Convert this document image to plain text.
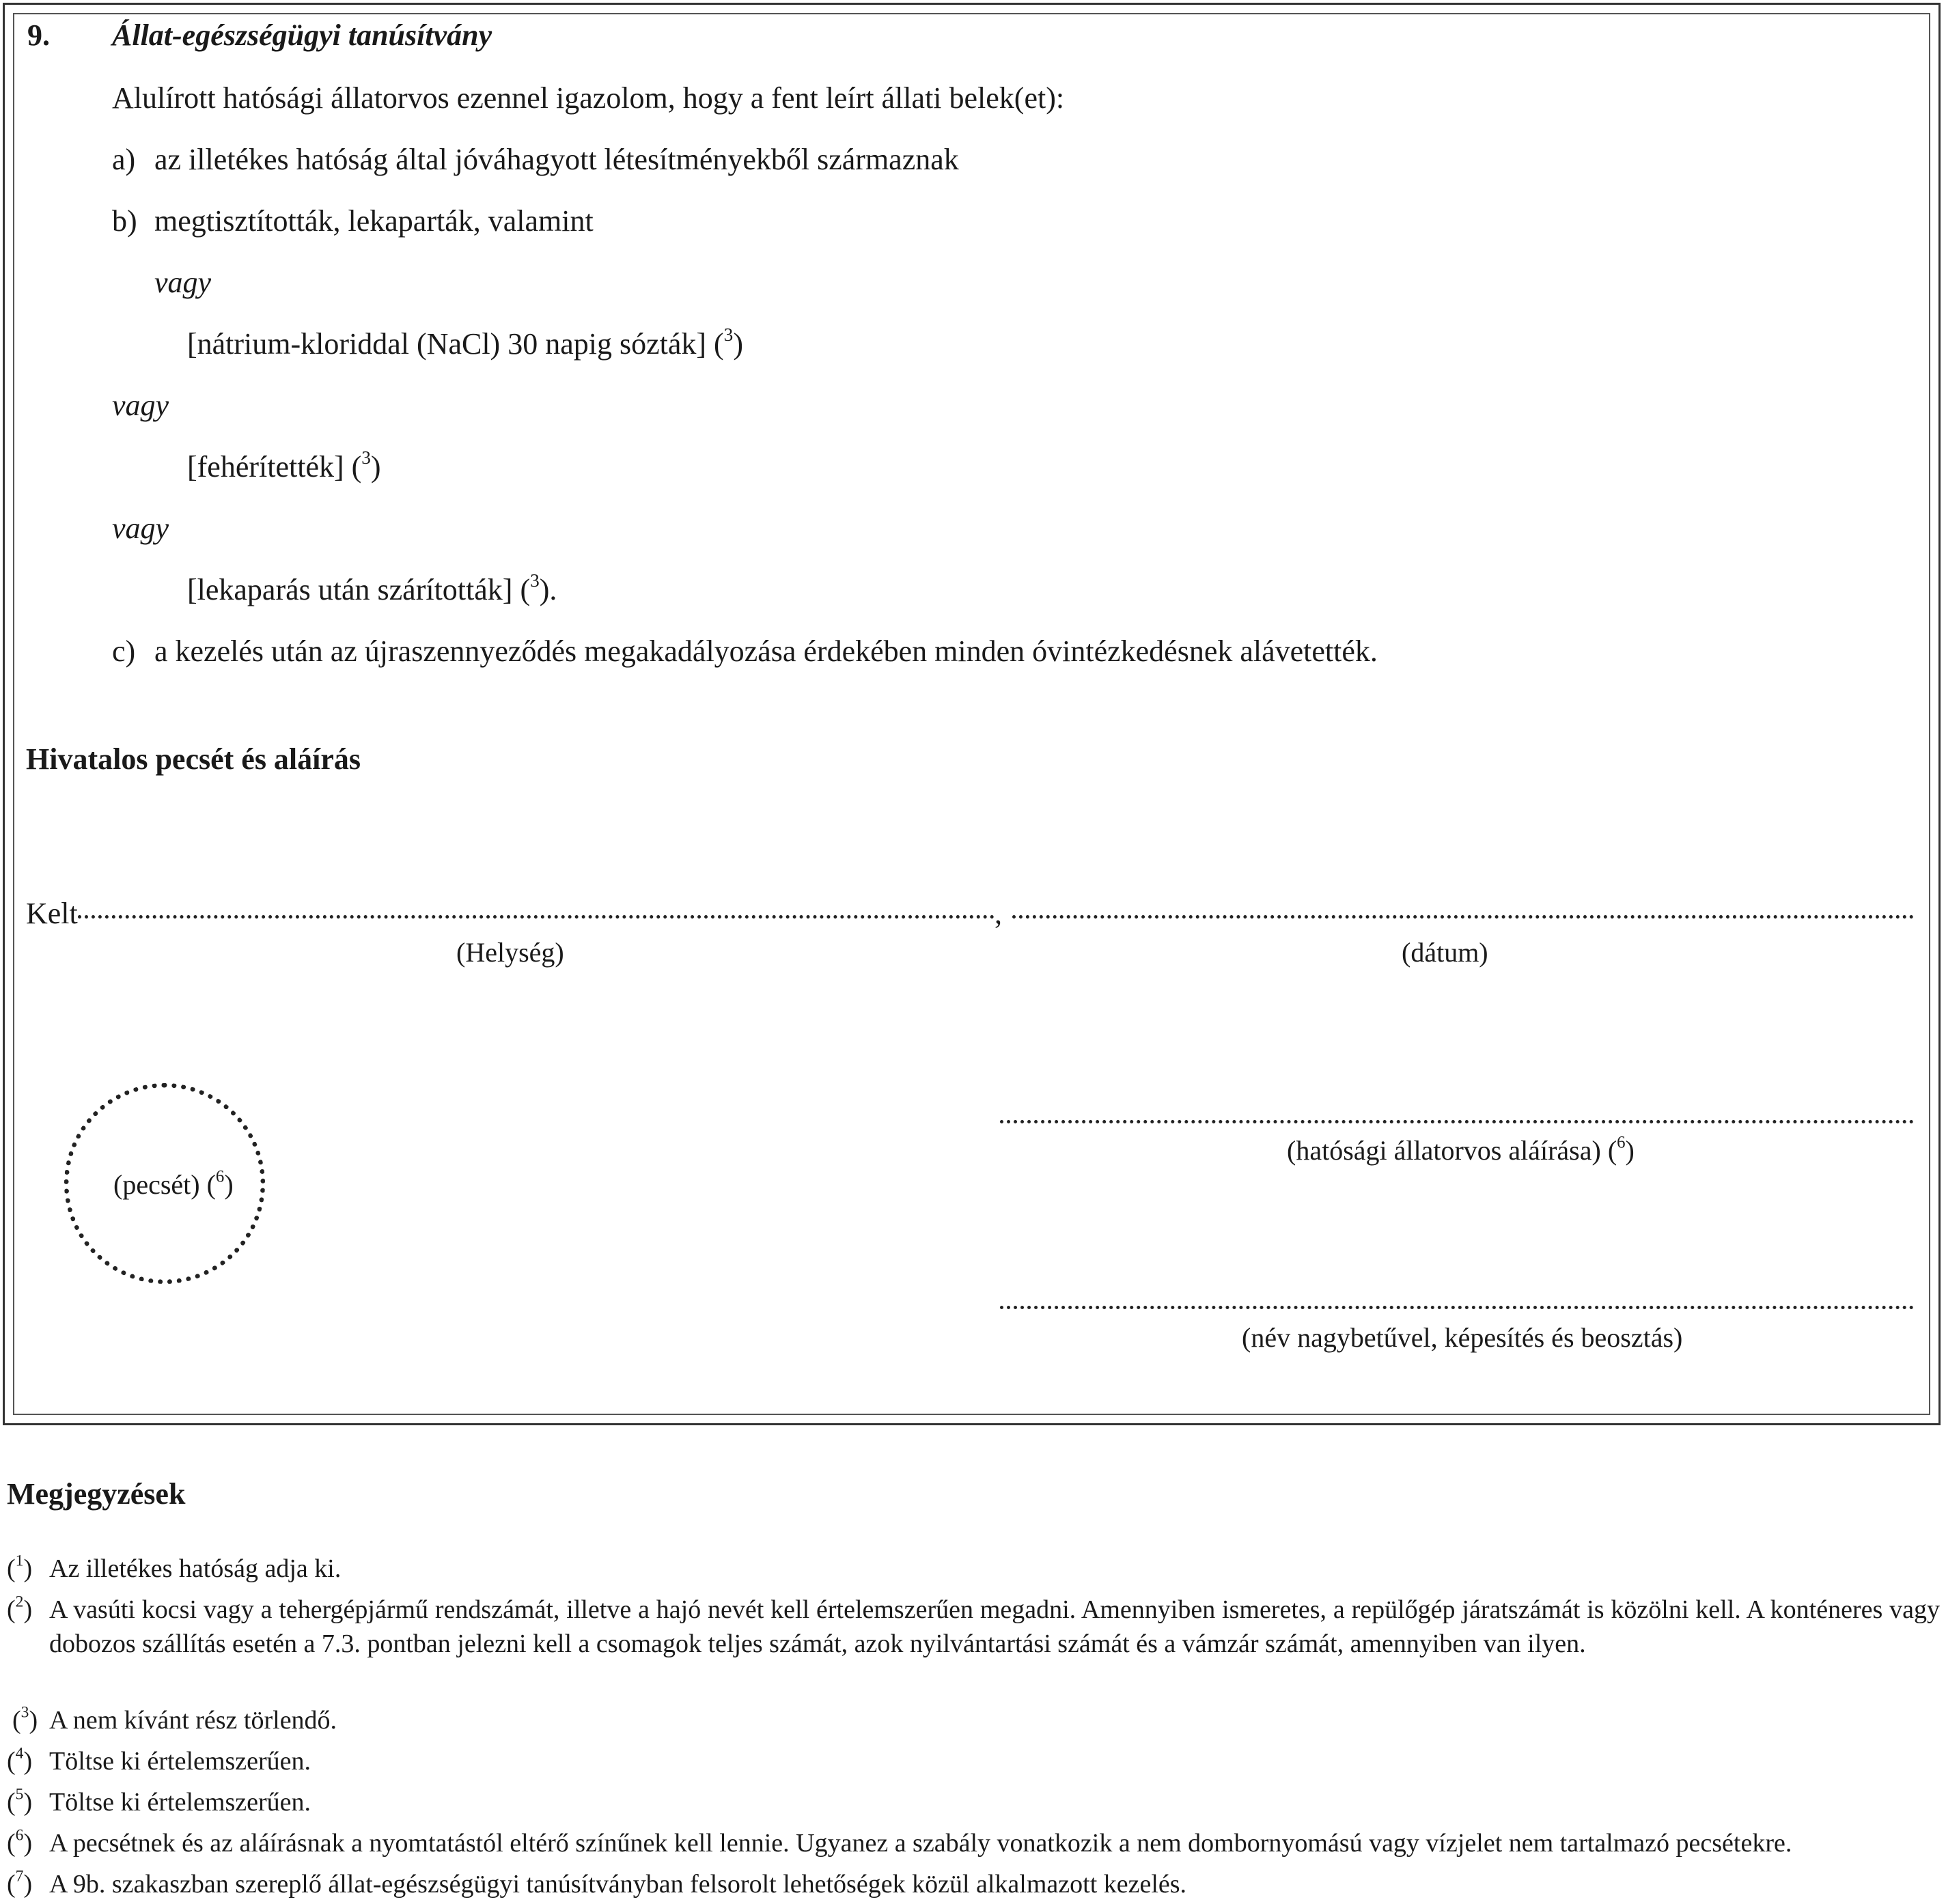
9. Állat-egészségügyi tanúsítvány
Alulírott hatósági állatorvos ezennel igazolom, hogy a fent leírt állati belek(et):
a) az illetékes hatóság által jóváhagyott létesítményekből származnak
b) megtisztították, lekaparták, valamint
vagy
[nátrium-kloriddal (NaCl) 30 napig sózták] ($^3$)
vagy
[fehérítették] ($^3$)
vagy
[lekaparás után szárították] ($^3$).
c) a kezelés után az újraszennyeződés megakadályozása érdekében minden óvintézkedésnek alávetették.
Hivatalos pecsét és aláírás
Kelt	,
(Helység)	(dátum)
(pecsét) ($^6$)
(hatósági állatorvos aláírása) ($^6$)
(név nagybetűvel, képesítés és beosztás)
Megjegyzések
($^1$) Az illetékes hatóság adja ki.
($^2$) A vasúti kocsi vagy a tehergépjármű rendszámát, illetve a hajó nevét kell értelemszerűen megadni. Amennyiben ismeretes, a repülőgép járatszámát is közölni kell. A konténeres vagy dobozos szállítás esetén a 7.3. pontban jelezni kell a csomagok teljes számát, azok nyilvántartási számát és a vámzár számát, amennyiben van ilyen.
($^3$) A nem kívánt rész törlendő.
($^4$) Töltse ki értelemszerűen.
($^5$) Töltse ki értelemszerűen.
($^6$) A pecsétnek és az aláírásnak a nyomtatástól eltérő színűnek kell lennie. Ugyanez a szabály vonatkozik a nem dombornyomású vagy vízjelet nem tartalmazó pecsétekre.
($^7$) A 9b. szakaszban szereplő állat-egészségügyi tanúsítványban felsorolt lehetőségek közül alkalmazott kezelés.
